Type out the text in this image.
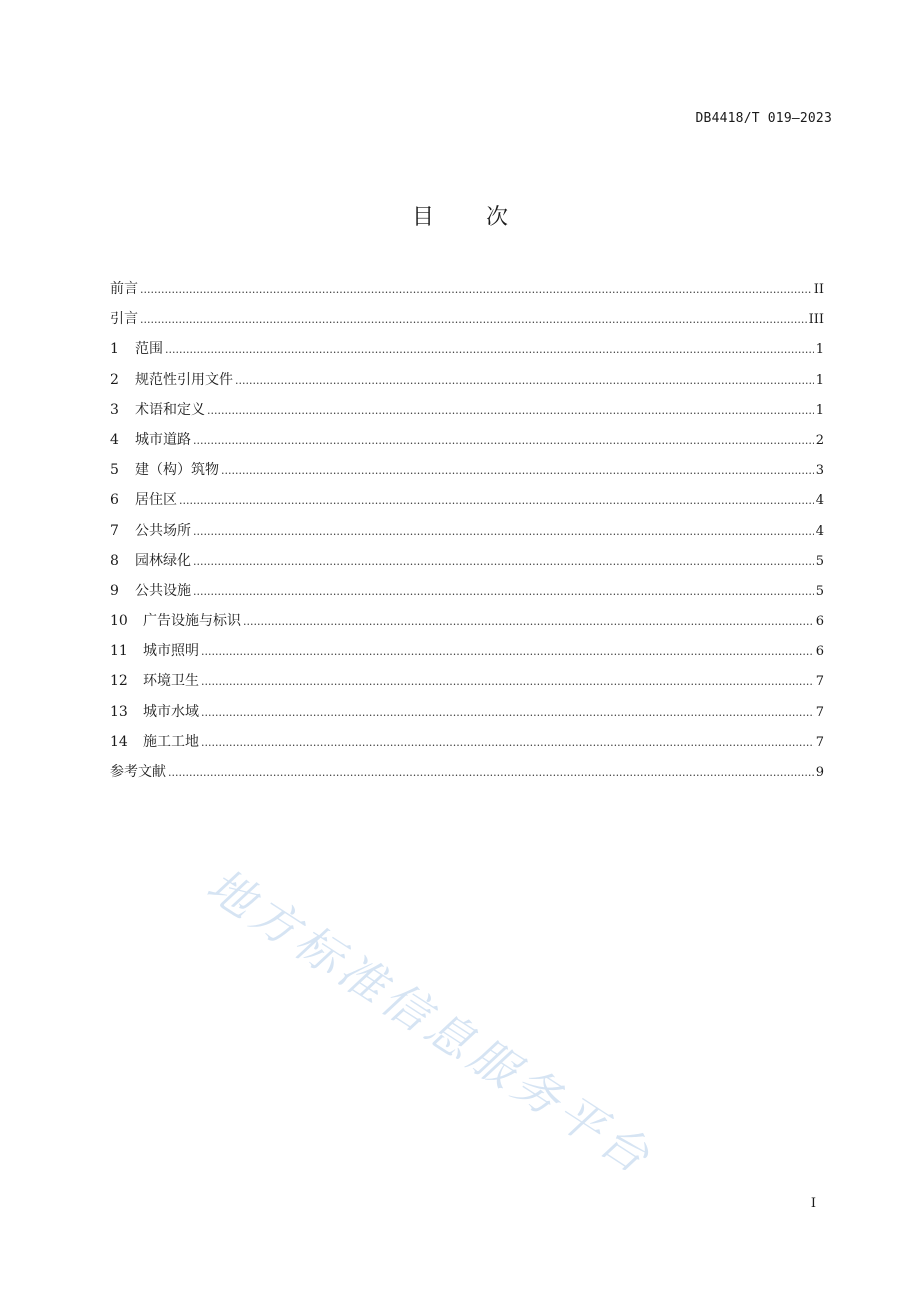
DB4418/T 019—2023
目 次
前言 .....	II
引言 .....	III
1	范围 .....	1
2	规范性引用文件 .....	1
3	术语和定义 .....	1
4	城市道路 .....	2
5	建（构）筑物 .....	3
6	居住区 .....	4
7	公共场所 .....	4
8	园林绿化 .....	5
9	公共设施 .....	5
10	广告设施与标识 .....	6
11	城市照明 .....	6
12	环境卫生 .....	7
13	城市水域 .....	7
14	施工工地 .....	7
参考文献 .....	9
地方标准信息服务平台
I
